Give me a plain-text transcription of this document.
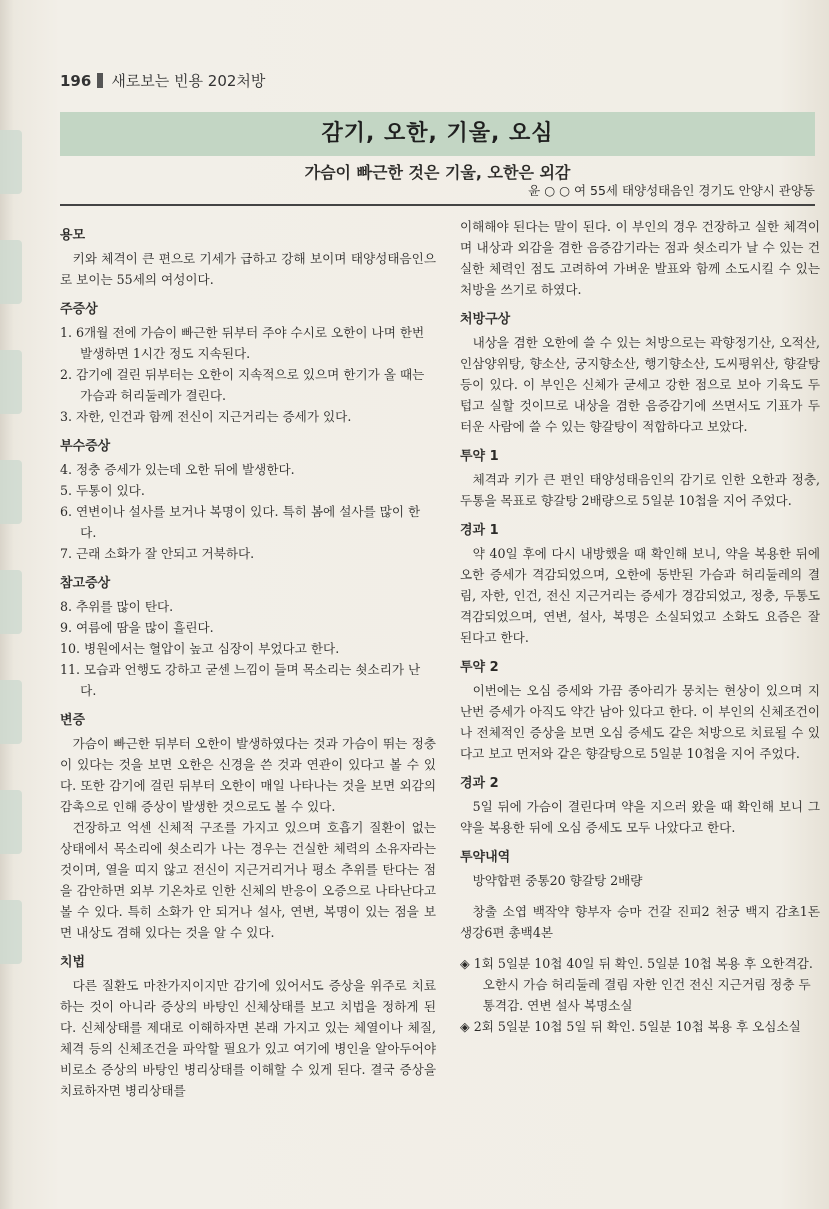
196 새로보는 빈용 202처방
감기, 오한, 기울, 오심
가슴이 빠근한 것은 기울, 오한은 외감
윤 ○ ○ 여 55세 태양성태음인 경기도 안양시 관양동
용모

키와 체격이 큰 편으로 기세가 급하고 강해 보이며 태양성태음인으로 보이는 55세의 여성이다.

주증상
1. 6개월 전에 가슴이 빠근한 뒤부터 주야 수시로 오한이 나며 한번 발생하면 1시간 정도 지속된다.
2. 감기에 걸린 뒤부터는 오한이 지속적으로 있으며 한기가 올 때는 가슴과 허리둘레가 결린다.
3. 자한, 인건과 함께 전신이 지근거리는 증세가 있다.
부수증상
4. 정충 증세가 있는데 오한 뒤에 발생한다.
5. 두통이 있다.
6. 연변이나 설사를 보거나 복명이 있다. 특히 봄에 설사를 많이 한다.
7. 근래 소화가 잘 안되고 거북하다.
참고증상
8. 추위를 많이 탄다.
9. 여름에 땀을 많이 흘린다.
10. 병원에서는 혈압이 높고 심장이 부었다고 한다.
11. 모습과 언행도 강하고 굳센 느낌이 들며 목소리는 쇳소리가 난다.
변증

가슴이 빠근한 뒤부터 오한이 발생하였다는 것과 가슴이 뛰는 정충이 있다는 것을 보면 오한은 신경을 쓴 것과 연관이 있다고 볼 수 있다. 또한 감기에 걸린 뒤부터 오한이 매일 나타나는 것을 보면 외감의 감촉으로 인해 증상이 발생한 것으로도 볼 수 있다.

건장하고 억센 신체적 구조를 가지고 있으며 호흡기 질환이 없는 상태에서 목소리에 쇳소리가 나는 경우는 건실한 체력의 소유자라는 것이며, 열을 띠지 않고 전신이 지근거리거나 평소 추위를 탄다는 점을 감안하면 외부 기온차로 인한 신체의 반응이 오증으로 나타난다고 볼 수 있다. 특히 소화가 안 되거나 설사, 연변, 복명이 있는 점을 보면 내상도 겸해 있다는 것을 알 수 있다.

치법

다른 질환도 마찬가지이지만 감기에 있어서도 증상을 위주로 치료하는 것이 아니라 증상의 바탕인 신체상태를 보고 치법을 정하게 된다. 신체상태를 제대로 이해하자면 본래 가지고 있는 체열이나 체질, 체격 등의 신체조건을 파악할 필요가 있고 여기에 병인을 알아두어야 비로소 증상의 바탕인 병리상태를 이해할 수 있게 된다. 결국 증상을 치료하자면 병리상태를

이해해야 된다는 말이 된다. 이 부인의 경우 건장하고 실한 체격이며 내상과 외감을 겸한 음증감기라는 점과 쇳소리가 날 수 있는 건실한 체력인 점도 고려하여 가벼운 발표와 함께 소도시킬 수 있는 처방을 쓰기로 하였다.

처방구상

내상을 겸한 오한에 쓸 수 있는 처방으로는 곽향정기산, 오적산, 인삼양위탕, 향소산, 궁지향소산, 행기향소산, 도씨평위산, 향갈탕 등이 있다. 이 부인은 신체가 굳세고 강한 점으로 보아 기육도 두텁고 실할 것이므로 내상을 겸한 음증감기에 쓰면서도 기표가 두터운 사람에 쓸 수 있는 향갈탕이 적합하다고 보았다.

투약 1

체격과 키가 큰 편인 태양성태음인의 감기로 인한 오한과 정충, 두통을 목표로 향갈탕 2배량으로 5일분 10첩을 지어 주었다.

경과 1

약 40일 후에 다시 내방했을 때 확인해 보니, 약을 복용한 뒤에 오한 증세가 격감되었으며, 오한에 동반된 가슴과 허리둘레의 결림, 자한, 인건, 전신 지근거리는 증세가 경감되었고, 정충, 두통도 격감되었으며, 연변, 설사, 복명은 소실되었고 소화도 요즘은 잘 된다고 한다.

투약 2

이번에는 오심 증세와 가끔 종아리가 뭉치는 현상이 있으며 지난번 증세가 아직도 약간 남아 있다고 한다. 이 부인의 신체조건이나 전체적인 증상을 보면 오심 증세도 같은 처방으로 치료될 수 있다고 보고 먼저와 같은 향갈탕으로 5일분 10첩을 지어 주었다.

경과 2

5일 뒤에 가슴이 결린다며 약을 지으러 왔을 때 확인해 보니 그 약을 복용한 뒤에 오심 증세도 모두 나았다고 한다.

투약내역

방약합편 중통20 향갈탕 2배량

창출 소엽 백작약 향부자 승마 건갈 진피2 천궁 백지 감초1돈 생강6편 총백4본

◈ 1회 5일분 10첩 40일 뒤 확인. 5일분 10첩 복용 후 오한격감. 오한시 가슴 허리둘레 결림 자한 인건 전신 지근거림 정충 두통격감. 연변 설사 복명소실
◈ 2회 5일분 10첩 5일 뒤 확인. 5일분 10첩 복용 후 오심소실
